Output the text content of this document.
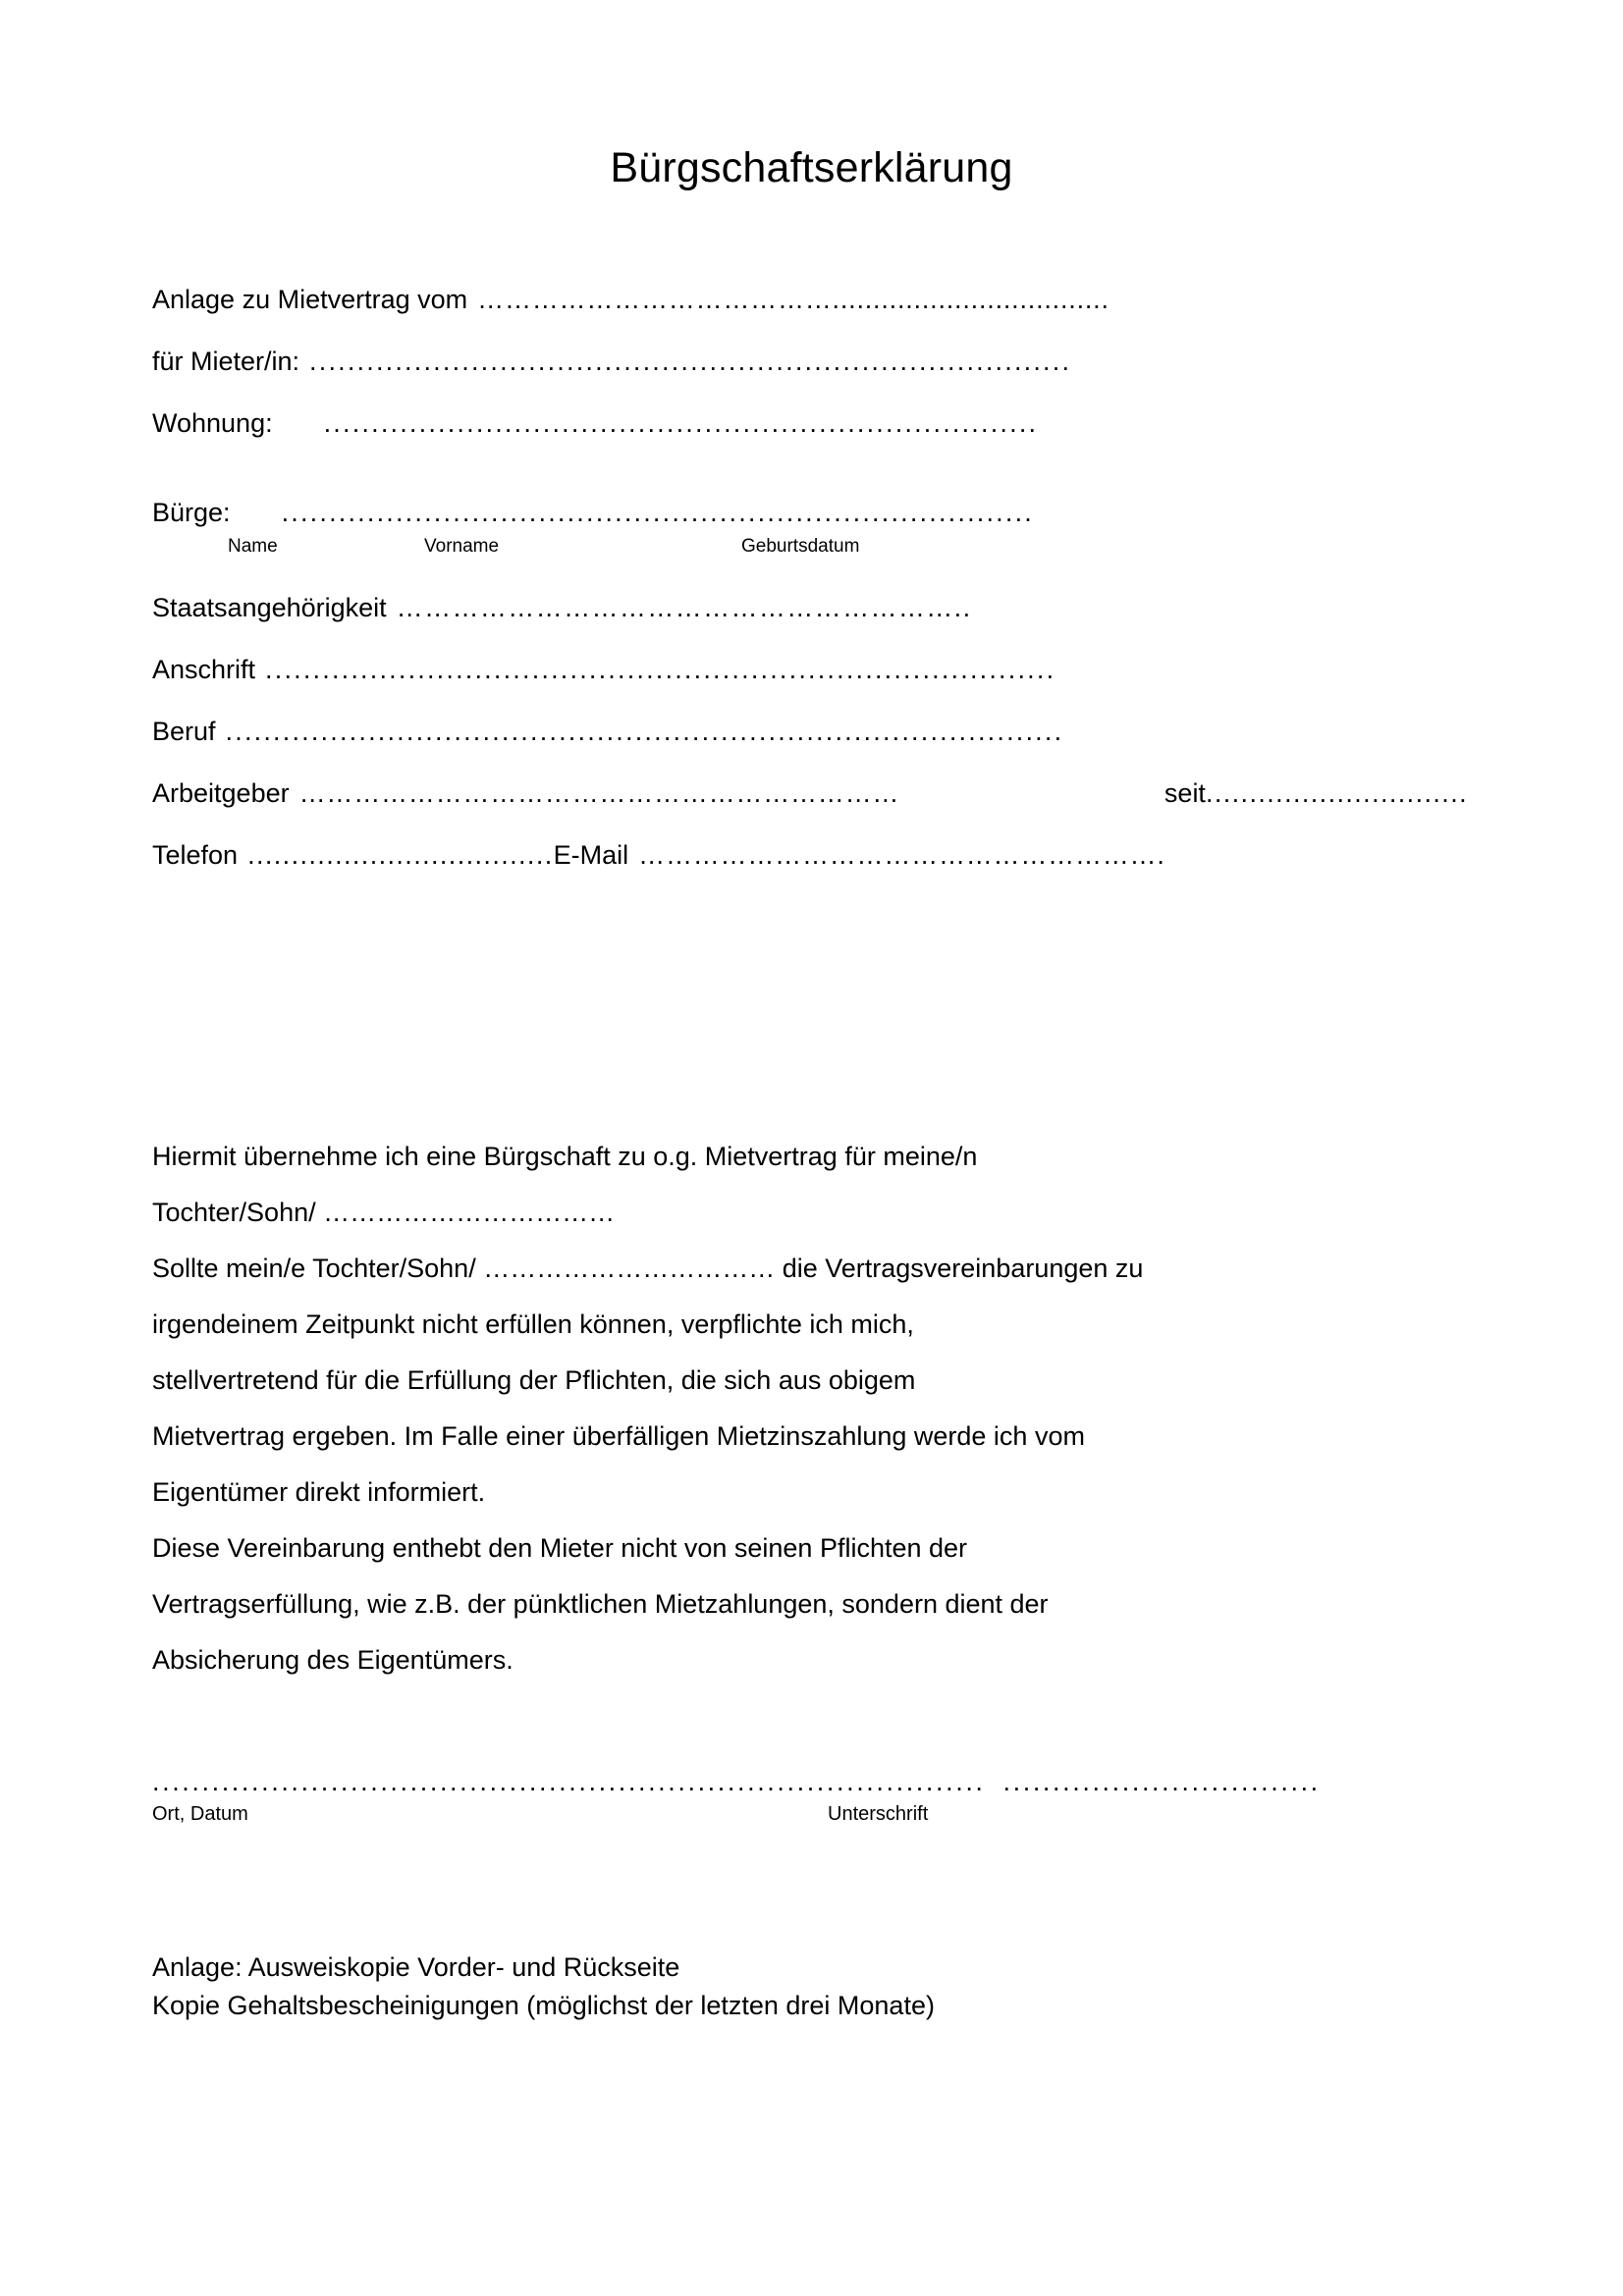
Bürgschaftserklärung
Anlage zu Mietvertrag vom …………………………………..................................
für Mieter/in: ................................................................................
Wohnung: ...........................................................................
Bürge: ...............................................................................
Name	Vorname	Geburtsdatum
Staatsangehörigkeit ……………………………………………………..
Anschrift ...................................................................................
Beruf ........................................................................................
Arbeitgeber …………………………………………………………	seit ..............................
Telefon ................................... E-Mail ………………………………………………….
Hiermit übernehme ich eine Bürgschaft zu o.g. Mietvertrag für meine/n
Tochter/Sohn/ ……………………………
Sollte mein/e Tochter/Sohn/ …………………………… die Vertragsvereinbarungen zu
irgendeinem Zeitpunkt nicht erfüllen können, verpflichte ich mich,
stellvertretend für die Erfüllung der Pflichten, die sich aus obigem
Mietvertrag ergeben. Im Falle einer überfälligen Mietzinszahlung werde ich vom
Eigentümer direkt informiert.
Diese Vereinbarung enthebt den Mieter nicht von seinen Pflichten der
Vertragserfüllung, wie z.B. der pünktlichen Mietzahlungen, sondern dient der
Absicherung des Eigentümers.
.................................................................................... ................................
Ort, Datum	Unterschrift
Anlage: Ausweiskopie Vorder- und Rückseite
Kopie Gehaltsbescheinigungen (möglichst der letzten drei Monate)
